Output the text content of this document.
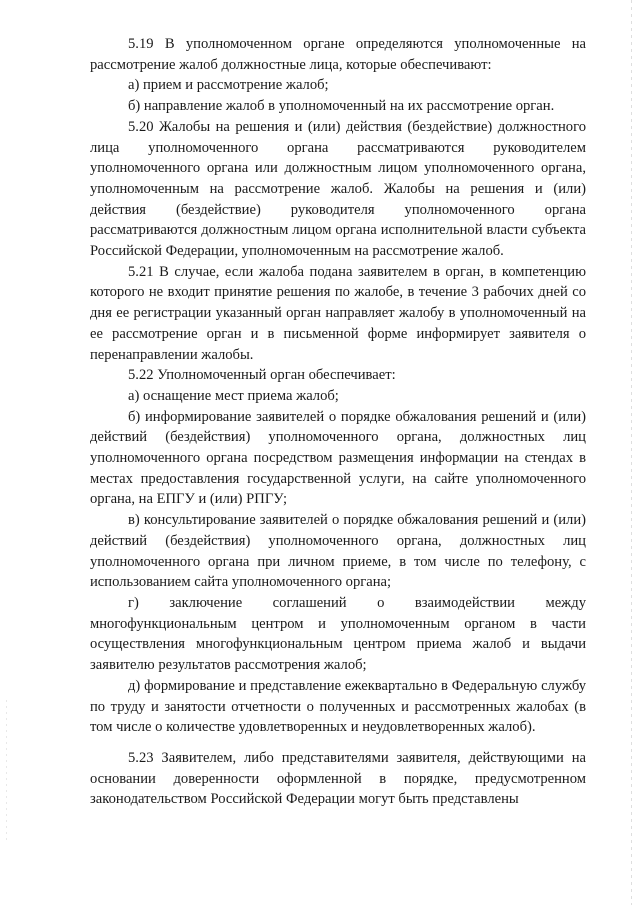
5.19 В уполномоченном органе определяются уполномоченные на рассмотрение жалоб должностные лица, которые обеспечивают:

а) прием и рассмотрение жалоб;

б) направление жалоб в уполномоченный на их рассмотрение орган.

5.20 Жалобы на решения и (или) действия (бездействие) должностного лица уполномоченного органа рассматриваются руководителем уполномоченного органа или должностным лицом уполномоченного органа, уполномоченным на рассмотрение жалоб. Жалобы на решения и (или) действия (бездействие) руководителя уполномоченного органа рассматриваются должностным лицом органа исполнительной власти субъекта Российской Федерации, уполномоченным на рассмотрение жалоб.

5.21 В случае, если жалоба подана заявителем в орган, в компетенцию которого не входит принятие решения по жалобе, в течение 3 рабочих дней со дня ее регистрации указанный орган направляет жалобу в уполномоченный на ее рассмотрение орган и в письменной форме информирует заявителя о перенаправлении жалобы.

5.22 Уполномоченный орган обеспечивает:

а) оснащение мест приема жалоб;

б) информирование заявителей о порядке обжалования решений и (или) действий (бездействия) уполномоченного органа, должностных лиц уполномоченного органа посредством размещения информации на стендах в местах предоставления государственной услуги, на сайте уполномоченного органа, на ЕПГУ и (или) РПГУ;

в) консультирование заявителей о порядке обжалования решений и (или) действий (бездействия) уполномоченного органа, должностных лиц уполномоченного органа при личном приеме, в том числе по телефону, с использованием сайта уполномоченного органа;

г) заключение соглашений о взаимодействии между многофункциональным центром и уполномоченным органом в части осуществления многофункциональным центром приема жалоб и выдачи заявителю результатов рассмотрения жалоб;

д) формирование и представление ежеквартально в Федеральную службу по труду и занятости отчетности о полученных и рассмотренных жалобах (в том числе о количестве удовлетворенных и неудовлетворенных жалоб).

5.23 Заявителем, либо представителями заявителя, действующими на основании доверенности оформленной в порядке, предусмотренном законодательством Российской Федерации могут быть представлены
